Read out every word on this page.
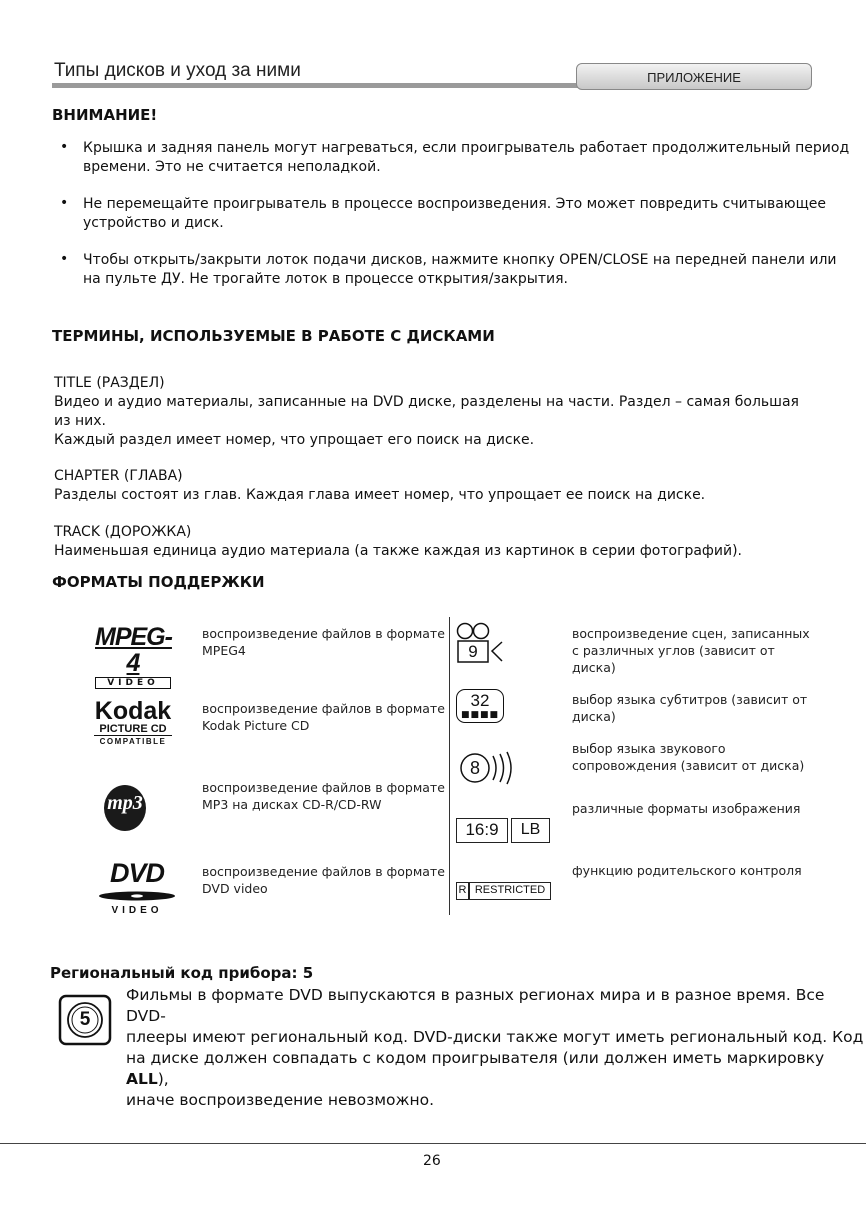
Типы дисков и уход за ними	ПРИЛОЖЕНИЕ
ВНИМАНИЕ!
• Крышка и задняя панель могут нагреваться, если проигрыватель работает продолжительный период
времени. Это не считается неполадкой.
• Не перемещайте проигрыватель в процессе воспроизведения. Это может повредить считывающее
устройство и диск.
• Чтобы открыть/закрыти лоток подачи дисков, нажмите кнопку OPEN/CLOSE на передней панели или
на пульте ДУ. Не трогайте лоток в процессе открытия/закрытия.
ТЕРМИНЫ, ИСПОЛЬЗУЕМЫЕ В РАБОТЕ С ДИСКАМИ
TITLE (РАЗДЕЛ)
Видео и аудио материалы, записанные на DVD диске, разделены на части. Раздел – самая большая
из них.
Каждый раздел имеет номер, что упрощает его поиск на диске.
CHAPTER (ГЛАВА)
Разделы состоят из глав. Каждая глава имеет номер, что упрощает ее поиск на диске.
TRACK (ДОРОЖКА)
Наименьшая единица аудио материала (а также каждая из картинок в серии фотографий).
ФОРМАТЫ ПОДДЕРЖКИ
MPEG-4
VIDEO
воспроизведение файлов в формате
MPEG4
Kodak
PICTURE CD
COMPATIBLE
воспроизведение файлов в формате
Kodak Picture CD
mp3
воспроизведение файлов в формате
MP3 на дисках CD-R/CD-RW
DVD
VIDEO
воспроизведение файлов в формате
DVD video
9
воспроизведение сцен, записанных
с различных углов (зависит от
диска)
32
■■■■
выбор языка субтитров (зависит от
диска)
8
выбор языка звукового
сопровождения (зависит от диска)
16:9	LB
различные форматы изображения
R RESTRICTED
функцию родительского контроля
Региональный код прибора: 5
5
Фильмы в формате DVD выпускаются в разных регионах мира и в разное время. Все DVD-
плееры имеют региональный код. DVD-диски также могут иметь региональный код. Код
на диске должен совпадать с кодом проигрывателя (или должен иметь маркировку ALL),
иначе воспроизведение невозможно.
26
